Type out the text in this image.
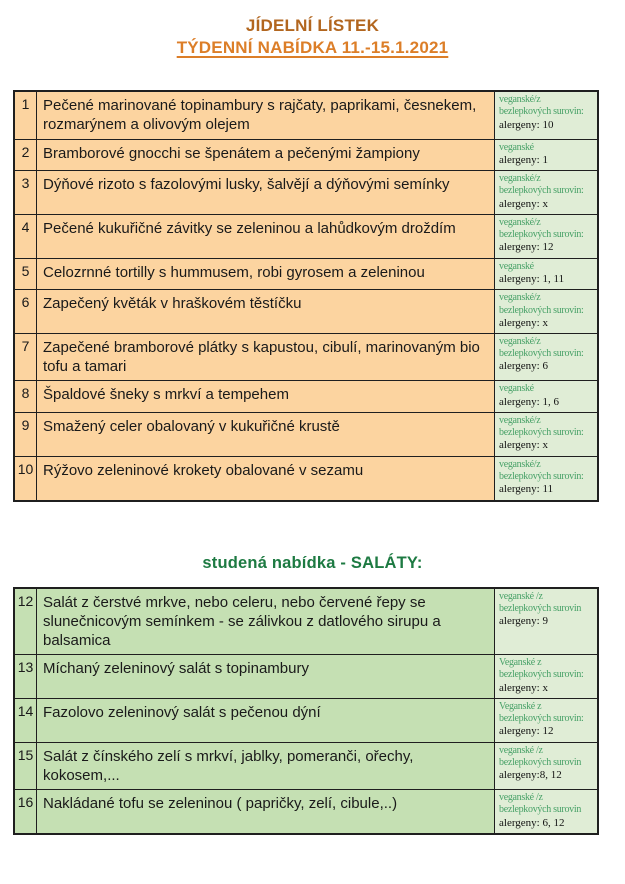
JÍDELNÍ LÍSTEK
TÝDENNÍ NABÍDKA 11.-15.1.2021
1 Pečené marinované topinambury s rajčaty, paprikami, česnekem, rozmarýnem a olivovým olejem
veganské/z bezlepkových surovin:
alergeny: 10
2 Bramborové gnocchi se špenátem a pečenými žampiony	veganské
alergeny: 1
3 Dýňové rizoto s fazolovými lusky, šalvějí a dýňovými semínky	veganské/z bezlepkových surovin:
alergeny: x
4 Pečené kukuřičné závitky se zeleninou a lahůdkovým droždím	veganské/z bezlepkových surovin:
alergeny: 12
5 Celozrnné tortilly s hummusem, robi gyrosem a zeleninou	veganské
alergeny: 1, 11
6 Zapečený květák v hraškovém těstíčku	veganské/z bezlepkových surovin:
alergeny: x
7 Zapečené bramborové plátky s kapustou, cibulí, marinovaným bio tofu a tamari
veganské/z bezlepkových surovin:
alergeny: 6
8 Špaldové šneky s mrkví a tempehem	veganské
alergeny: 1, 6
9 Smažený celer obalovaný v kukuřičné krustě	veganské/z bezlepkových surovin:
alergeny: x
10 Rýžovo zeleninové krokety obalované v sezamu	veganské/z bezlepkových surovin:
alergeny: 11
studená nabídka - SALÁTY:
12 Salát z čerstvé mrkve, nebo celeru, nebo červené řepy se slunečnicovým semínkem - se zálivkou z datlového sirupu a balsamica
veganské /z bezlepkových surovin
alergeny: 9
13 Míchaný zeleninový salát s topinambury	Veganské z bezlepkových surovin:
alergeny: x
14 Fazolovo zeleninový salát s pečenou dýní	Veganské z bezlepkových surovin:
alergeny: 12
15 Salát z čínského zelí s mrkví, jablky, pomeranči, ořechy, kokosem,...
veganské /z bezlepkových surovin
alergeny:8, 12
16 Nakládané tofu se zeleninou ( papričky, zelí, cibule,..)	veganské /z bezlepkových surovin
alergeny: 6, 12
